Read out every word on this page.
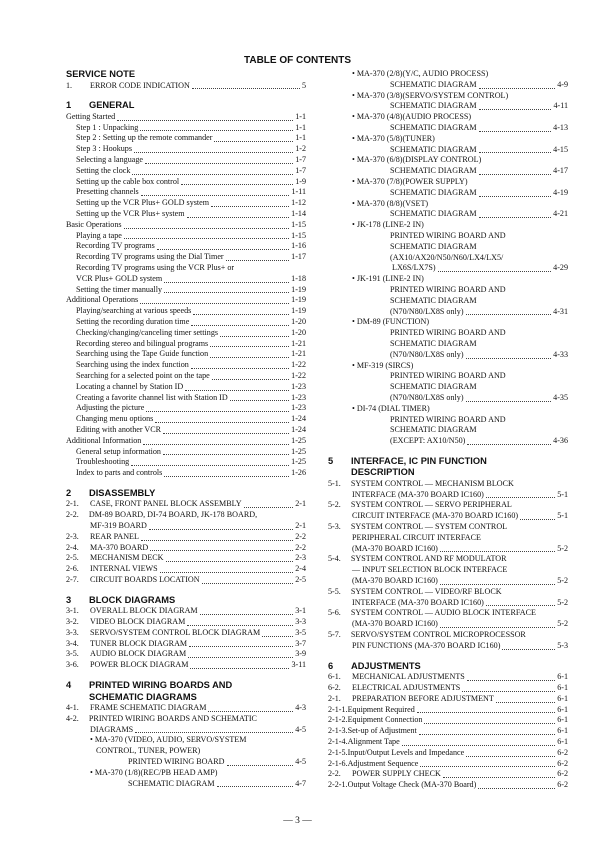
TABLE OF CONTENTS
SERVICE NOTE
1.	ERROR CODE INDICATION	5
1	GENERAL
Getting Started	1-1
Step 1 : Unpacking	1-1
Step 2 : Setting up the remote commander	1-1
Step 3 : Hookups	1-2
Selecting a language	1-7
Setting the clock	1-7
Setting up the cable box control	1-9
Presetting channels	1-11
Setting up the VCR Plus+ GOLD system	1-12
Setting up the VCR Plus+ system	1-14
Basic Operations	1-15
Playing a tape	1-15
Recording TV programs	1-16
Recording TV programs using the Dial Timer	1-17
Recording TV programs using the VCR Plus+ or
VCR Plus+ GOLD system	1-18
Setting the timer manually	1-19
Additional Operations	1-19
Playing/searching at various speeds	1-19
Setting the recording duration time	1-20
Checking/changing/canceling timer settings	1-20
Recording stereo and bilingual programs	1-21
Searching using the Tape Guide function	1-21
Searching using the index function	1-22
Searching for a selected point on the tape	1-22
Locating a channel by Station ID	1-23
Creating a favorite channel list with Station ID	1-23
Adjusting the picture	1-23
Changing menu options	1-24
Editing with another VCR	1-24
Additional Information	1-25
General setup information	1-25
Troubleshooting	1-25
Index to parts and controls	1-26
2	DISASSEMBLY
2-1.	CASE, FRONT PANEL BLOCK ASSEMBLY	2-1
2-2.     DM-89 BOARD, DI-74 BOARD, JK-178 BOARD,
MF-319 BOARD	2-1
2-3.	REAR PANEL	2-2
2-4.	MA-370 BOARD	2-2
2-5.	MECHANISM DECK	2-3
2-6.	INTERNAL VIEWS	2-4
2-7.	CIRCUIT BOARDS LOCATION	2-5
3	BLOCK DIAGRAMS
3-1.	OVERALL BLOCK DIAGRAM	3-1
3-2.	VIDEO BLOCK DIAGRAM	3-3
3-3.	SERVO/SYSTEM CONTROL BLOCK DIAGRAM	3-5
3-4.	TUNER BLOCK DIAGRAM	3-7
3-5.	AUDIO BLOCK DIAGRAM	3-9
3-6.	POWER BLOCK DIAGRAM	3-11
4	PRINTED WIRING BOARDS AND
SCHEMATIC DIAGRAMS
4-1.	FRAME SCHEMATIC DIAGRAM	4-3
4-2.     PRINTED WIRING BOARDS AND SCHEMATIC
DIAGRAMS	4-5
• MA-370 (VIDEO, AUDIO, SERVO/SYSTEM
CONTROL, TUNER, POWER)
PRINTED WIRING BOARD	4-5
• MA-370 (1/8)(REC/PB HEAD AMP)
SCHEMATIC DIAGRAM	4-7
• MA-370 (2/8)(Y/C, AUDIO PROCESS)
SCHEMATIC DIAGRAM	4-9
• MA-370 (3/8)(SERVO/SYSTEM CONTROL)
SCHEMATIC DIAGRAM	4-11
• MA-370 (4/8)(AUDIO PROCESS)
SCHEMATIC DIAGRAM	4-13
• MA-370 (5/8)(TUNER)
SCHEMATIC DIAGRAM	4-15
• MA-370 (6/8)(DISPLAY CONTROL)
SCHEMATIC DIAGRAM	4-17
• MA-370 (7/8)(POWER SUPPLY)
SCHEMATIC DIAGRAM	4-19
• MA-370 (8/8)(VSET)
SCHEMATIC DIAGRAM	4-21
• JK-178 (LINE-2 IN)
PRINTED WIRING BOARD AND
SCHEMATIC DIAGRAM
(AX10/AX20/N50/N60/LX4/LX5/
LX6S/LX7S)	4-29
• JK-191 (LINE-2 IN)
PRINTED WIRING BOARD AND
SCHEMATIC DIAGRAM
(N70/N80/LX8S only)	4-31
• DM-89 (FUNCTION)
PRINTED WIRING BOARD AND
SCHEMATIC DIAGRAM
(N70/N80/LX8S only)	4-33
• MF-319 (SIRCS)
PRINTED WIRING BOARD AND
SCHEMATIC DIAGRAM
(N70/N80/LX8S only)	4-35
• DI-74 (DIAL TIMER)
PRINTED WIRING BOARD AND
SCHEMATIC DIAGRAM
(EXCEPT: AX10/N50)	4-36
5	INTERFACE, IC PIN FUNCTION
DESCRIPTION
5-1.     SYSTEM CONTROL — MECHANISM BLOCK
INTERFACE (MA-370 BOARD IC160)	5-1
5-2.     SYSTEM CONTROL — SERVO PERIPHERAL
CIRCUIT INTERFACE (MA-370 BOARD IC160)	5-1
5-3.     SYSTEM CONTROL — SYSTEM CONTROL
PERIPHERAL CIRCUIT INTERFACE
(MA-370 BOARD IC160)	5-2
5-4.     SYSTEM CONTROL AND RF MODULATOR
— INPUT SELECTION BLOCK INTERFACE
(MA-370 BOARD IC160)	5-2
5-5.     SYSTEM CONTROL — VIDEO/RF BLOCK
INTERFACE (MA-370 BOARD IC160)	5-2
5-6.     SYSTEM CONTROL — AUDIO BLOCK INTERFACE
(MA-370 BOARD IC160)	5-2
5-7.     SERVO/SYSTEM CONTROL MICROPROCESSOR
PIN FUNCTIONS (MA-370 BOARD IC160)	5-3
6	ADJUSTMENTS
6-1.	MECHANICAL ADJUSTMENTS	6-1
6-2.	ELECTRICAL ADJUSTMENTS	6-1
2-1.	PREPARATION BEFORE ADJUSTMENT	6-1
2-1-1. Equipment Required	6-1
2-1-2. Equipment Connection	6-1
2-1-3. Set-up of Adjustment	6-1
2-1-4. Alignment Tape	6-1
2-1-5. Input/Output Levels and Impedance	6-2
2-1-6. Adjustment Sequence	6-2
2-2.	POWER SUPPLY CHECK	6-2
2-2-1. Output Voltage Check (MA-370 Board)	6-2
— 3 —
